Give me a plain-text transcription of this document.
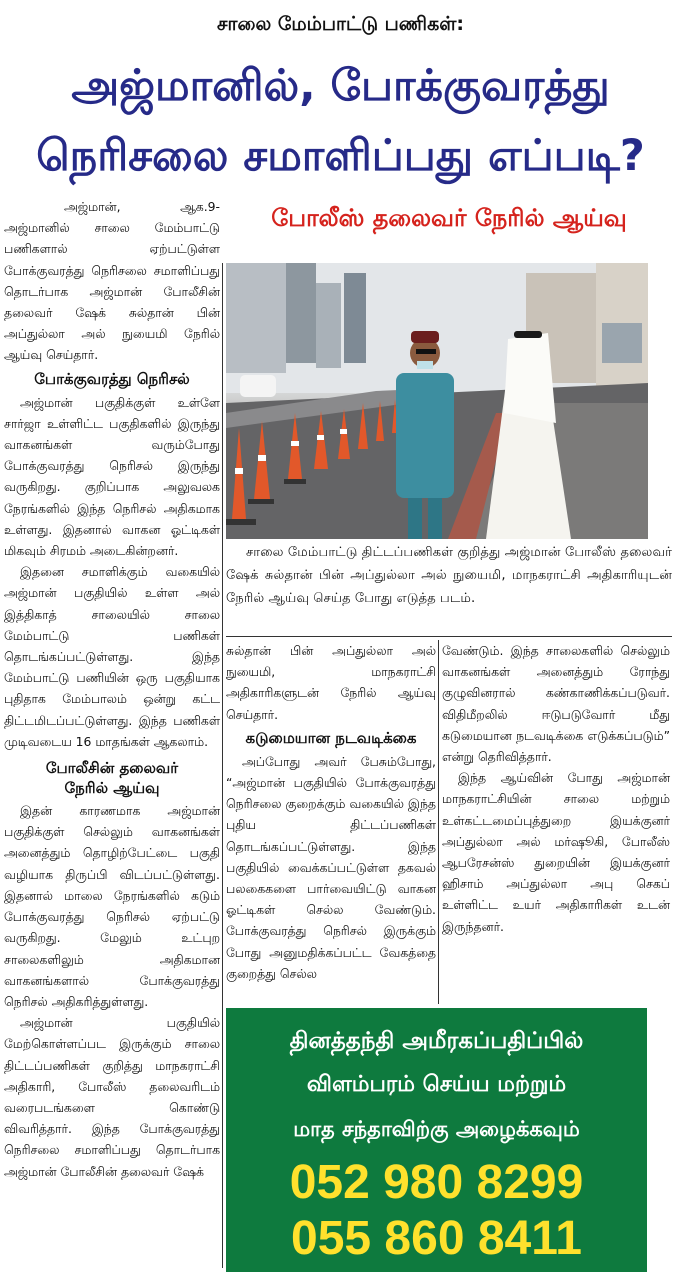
சாலை மேம்பாட்டு பணிகள்:
அஜ்மானில், போக்குவரத்து
நெரிசலை சமாளிப்பது எப்படி?
போலீஸ் தலைவர் நேரில் ஆய்வு

அஜ்மான், ஆக.9- அஜ்மானில் சாலை மேம்பாட்டு பணிகளால் ஏற்பட்டுள்ள போக்குவரத்து நெரிசலை சமாளிப்பது தொடர்பாக அஜ்மான் போலீசின் தலைவர் ஷேக் சுல்தான் பின் அப்துல்லா அல் நுயைமி நேரில் ஆய்வு செய்தார்.

போக்குவரத்து நெரிசல்

அஜ்மான் பகுதிக்குள் உள்ளே சார்ஜா உள்ளிட்ட பகுதிகளில் இருந்து வாகனங்கள் வரும்போது போக்குவரத்து நெரிசல் இருந்து வருகிறது. குறிப்பாக அலுவலக நேரங்களில் இந்த நெரிசல் அதிகமாக உள்ளது. இதனால் வாகன ஓட்டிகள் மிகவும் சிரமம் அடைகின்றனர்.

இதனை சமாளிக்கும் வகையில் அஜ்மான் பகுதியில் உள்ள அல் இத்திகாத் சாலையில் சாலை மேம்பாட்டு பணிகள் தொடங்கப்பட்டுள்ளது. இந்த மேம்பாட்டு பணியின் ஒரு பகுதியாக புதிதாக மேம்பாலம் ஒன்று கட்ட திட்டமிடப்பட்டுள்ளது. இந்த பணிகள் முடிவடைய 16 மாதங்கள் ஆகலாம்.

போலீசின் தலைவர்
நேரில் ஆய்வு

இதன் காரணமாக அஜ்மான் பகுதிக்குள் செல்லும் வாகனங்கள் அனைத்தும் தொழிற்பேட்டை பகுதி வழியாக திருப்பி விடப்பட்டுள்ளது. இதனால் மாலை நேரங்களில் கடும் போக்குவரத்து நெரிசல் ஏற்பட்டு வருகிறது. மேலும் உட்புற சாலைகளிலும் அதிகமான வாகனங்களால் போக்குவரத்து நெரிசல் அதிகரித்துள்ளது.

அஜ்மான் பகுதியில் மேற்கொள்ளப்பட இருக்கும் சாலை திட்டப்பணிகள் குறித்து மாநகராட்சி அதிகாரி, போலீஸ் தலைவரிடம் வரைபடங்களை கொண்டு விவரித்தார். இந்த போக்குவரத்து நெரிசலை சமாளிப்பது தொடர்பாக அஜ்மான் போலீசின் தலைவர் ஷேக்

சாலை மேம்பாட்டு திட்டப்பணிகள் குறித்து அஜ்மான் போலீஸ் தலைவர் ஷேக் சுல்தான் பின் அப்துல்லா அல் நுயைமி, மாநகராட்சி அதிகாரியுடன் நேரில் ஆய்வு செய்த போது எடுத்த படம்.

சுல்தான் பின் அப்துல்லா அல் நுயைமி, மாநகராட்சி அதிகாரிகளுடன் நேரில் ஆய்வு செய்தார்.

கடுமையான நடவடிக்கை

அப்போது அவர் பேசும்போது, “அஜ்மான் பகுதியில் போக்குவரத்து நெரிசலை குறைக்கும் வகையில் இந்த புதிய திட்டப்பணிகள் தொடங்கப்பட்டுள்ளது. இந்த பகுதியில் வைக்கப்பட்டுள்ள தகவல் பலகைகளை பார்வையிட்டு வாகன ஓட்டிகள் செல்ல வேண்டும். போக்குவரத்து நெரிசல் இருக்கும் போது அனுமதிக்கப்பட்ட வேகத்தை குறைத்து செல்ல

வேண்டும். இந்த சாலைகளில் செல்லும் வாகனங்கள் அனைத்தும் ரோந்து குழுவினரால் கண்காணிக்கப்படுவர். விதிமீறலில் ஈடுபடுவோர் மீது கடுமையான நடவடிக்கை எடுக்கப்படும்” என்று தெரிவித்தார்.

இந்த ஆய்வின் போது அஜ்மான் மாநகராட்சியின் சாலை மற்றும் உள்கட்டமைப்புத்துறை இயக்குனர் அப்துல்லா அல் மர்ஷூகி, போலீஸ் ஆபரேசன்ஸ் துறையின் இயக்குனர் ஹிசாம் அப்துல்லா அபு செகப் உள்ளிட்ட உயர் அதிகாரிகள் உடன் இருந்தனர்.

தினத்தந்தி அமீரகப்பதிப்பில்
விளம்பரம் செய்ய மற்றும்
மாத சந்தாவிற்கு அழைக்கவும்
052 980 8299
055 860 8411
